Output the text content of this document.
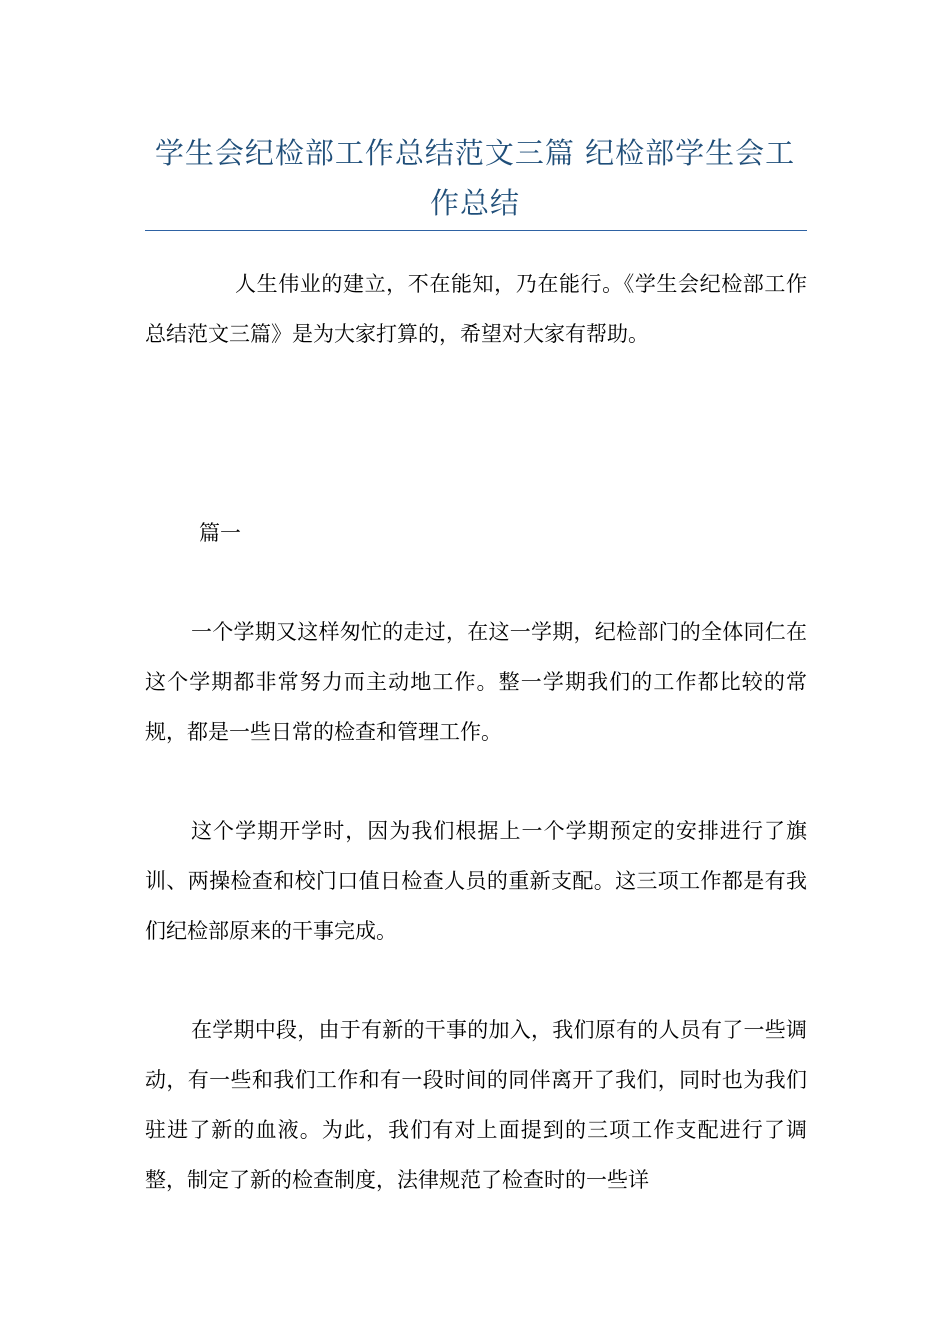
学生会纪检部工作总结范文三篇 纪检部学生会工作总结

人生伟业的建立，不在能知，乃在能行。《学生会纪检部工作总结范文三篇》是为大家打算的，希望对大家有帮助。

篇一

一个学期又这样匆忙的走过，在这一学期，纪检部门的全体同仁在这个学期都非常努力而主动地工作。整一学期我们的工作都比较的常规，都是一些日常的检查和管理工作。

这个学期开学时，因为我们根据上一个学期预定的安排进行了旗训、两操检查和校门口值日检查人员的重新支配。这三项工作都是有我们纪检部原来的干事完成。

在学期中段，由于有新的干事的加入，我们原有的人员有了一些调动，有一些和我们工作和有一段时间的同伴离开了我们，同时也为我们驻进了新的血液。为此，我们有对上面提到的三项工作支配进行了调整，制定了新的检查制度，法律规范了检查时的一些详
